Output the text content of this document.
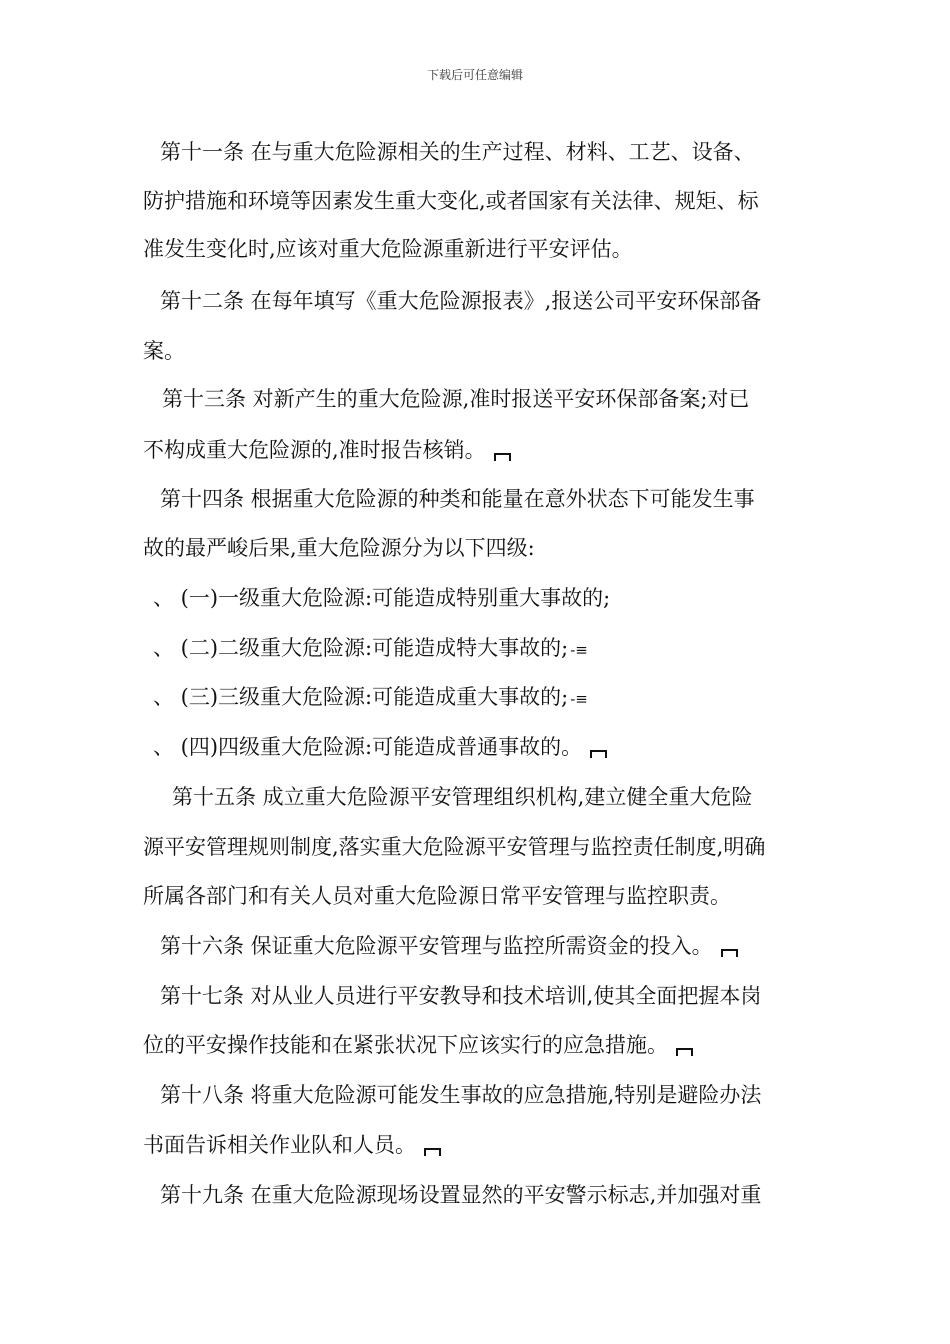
下载后可任意编辑
第十一条 在与重大危险源相关的生产过程、材料、工艺、设备、
防护措施和环境等因素发生重大变化,或者国家有关法律、规矩、标
准发生变化时,应该对重大危险源重新进行平安评估。
第十二条 在每年填写《重大危险源报表》,报送公司平安环保部备
案。
第十三条 对新产生的重大危险源,准时报送平安环保部备案;对已
不构成重大危险源的,准时报告核销。
第十四条 根据重大危险源的种类和能量在意外状态下可能发生事
故的最严峻后果,重大危险源分为以下四级:
、 (一)一级重大危险源:可能造成特别重大事故的;
、 (二)二级重大危险源:可能造成特大事故的; -≡
、 (三)三级重大危险源:可能造成重大事故的; -≡
、 (四)四级重大危险源:可能造成普通事故的。
第十五条 成立重大危险源平安管理组织机构,建立健全重大危险
源平安管理规则制度,落实重大危险源平安管理与监控责任制度,明确
所属各部门和有关人员对重大危险源日常平安管理与监控职责。
第十六条 保证重大危险源平安管理与监控所需资金的投入。
第十七条 对从业人员进行平安教导和技术培训,使其全面把握本岗
位的平安操作技能和在紧张状况下应该实行的应急措施。
第十八条 将重大危险源可能发生事故的应急措施,特别是避险办法
书面告诉相关作业队和人员。
第十九条 在重大危险源现场设置显然的平安警示标志,并加强对重
